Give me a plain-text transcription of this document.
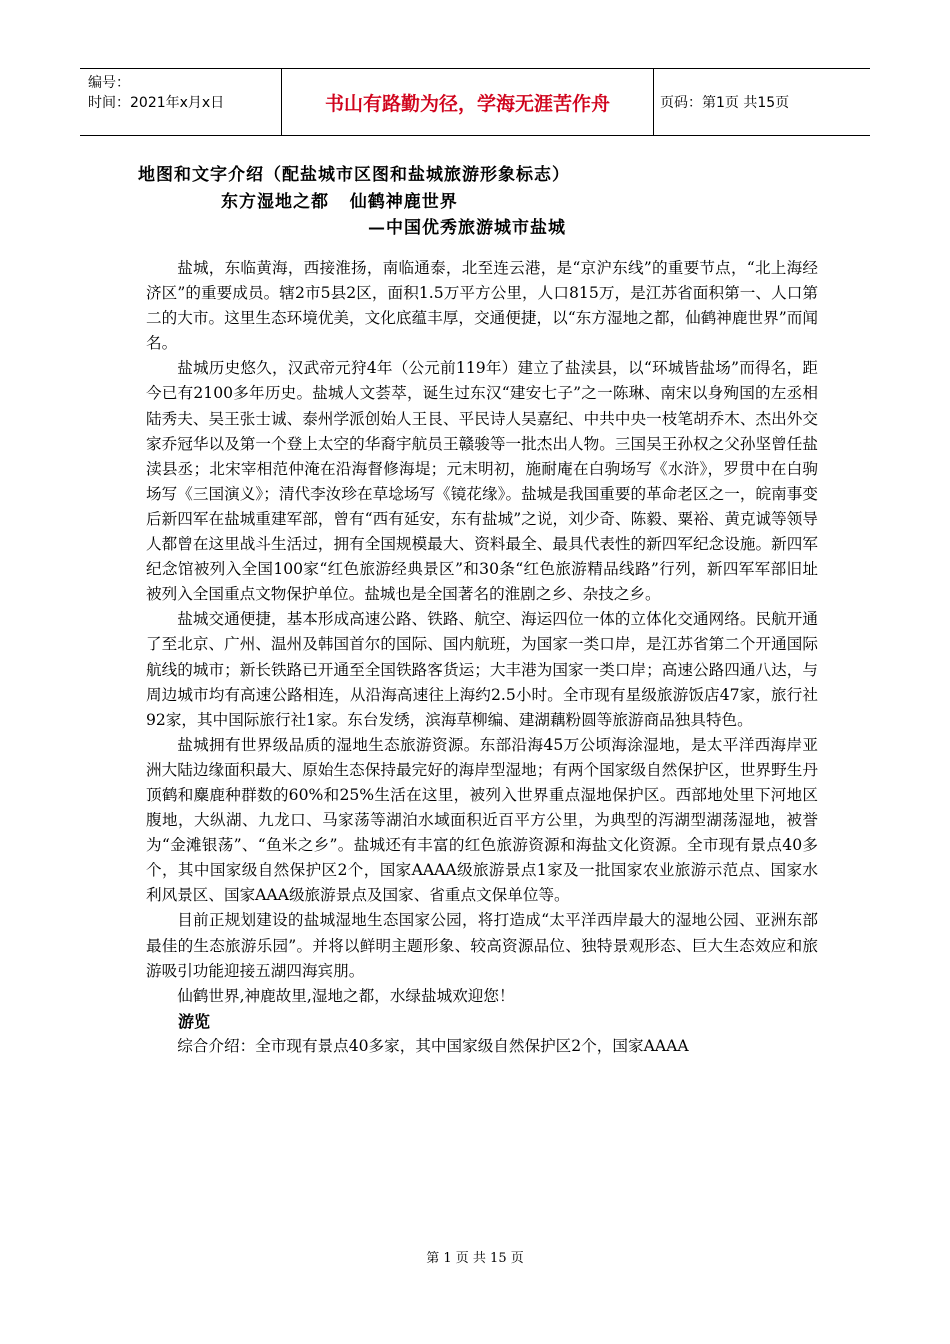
编号：
时间：2021年x月x日	书山有路勤为径，学海无涯苦作舟	页码：第1页 共15页
地图和文字介绍（配盐城市区图和盐城旅游形象标志）
东方湿地之都   仙鹤神鹿世界
—中国优秀旅游城市盐城

盐城，东临黄海，西接淮扬，南临通泰，北至连云港，是“京沪东线”的重要节点，“北上海经济区”的重要成员。辖2市5县2区，面积1.5万平方公里，人口815万，是江苏省面积第一、人口第二的大市。这里生态环境优美，文化底蕴丰厚，交通便捷，以“东方湿地之都，仙鹤神鹿世界”而闻名。

盐城历史悠久，汉武帝元狩4年（公元前119年）建立了盐渎县，以“环城皆盐场”而得名，距今已有2100多年历史。盐城人文荟萃，诞生过东汉“建安七子”之一陈琳、南宋以身殉国的左丞相陆秀夫、吴王张士诚、泰州学派创始人王艮、平民诗人吴嘉纪、中共中央一枝笔胡乔木、杰出外交家乔冠华以及第一个登上太空的华裔宇航员王赣骏等一批杰出人物。三国吴王孙权之父孙坚曾任盐渎县丞；北宋宰相范仲淹在沿海督修海堤；元末明初，施耐庵在白驹场写《水浒》，罗贯中在白驹场写《三国演义》；清代李汝珍在草埝场写《镜花缘》。盐城是我国重要的革命老区之一，皖南事变后新四军在盐城重建军部，曾有“西有延安，东有盐城”之说，刘少奇、陈毅、粟裕、黄克诚等领导人都曾在这里战斗生活过，拥有全国规模最大、资料最全、最具代表性的新四军纪念设施。新四军纪念馆被列入全国100家“红色旅游经典景区”和30条“红色旅游精品线路”行列，新四军军部旧址被列入全国重点文物保护单位。盐城也是全国著名的淮剧之乡、杂技之乡。

盐城交通便捷，基本形成高速公路、铁路、航空、海运四位一体的立体化交通网络。民航开通了至北京、广州、温州及韩国首尔的国际、国内航班，为国家一类口岸，是江苏省第二个开通国际航线的城市；新长铁路已开通至全国铁路客货运；大丰港为国家一类口岸；高速公路四通八达，与周边城市均有高速公路相连，从沿海高速往上海约2.5小时。全市现有星级旅游饭店47家，旅行社92家，其中国际旅行社1家。东台发绣，滨海草柳编、建湖藕粉圆等旅游商品独具特色。

盐城拥有世界级品质的湿地生态旅游资源。东部沿海45万公顷海涂湿地，是太平洋西海岸亚洲大陆边缘面积最大、原始生态保持最完好的海岸型湿地；有两个国家级自然保护区，世界野生丹顶鹤和麋鹿种群数的60%和25%生活在这里，被列入世界重点湿地保护区。西部地处里下河地区腹地，大纵湖、九龙口、马家荡等湖泊水域面积近百平方公里，为典型的泻湖型湖荡湿地，被誉为“金滩银荡”、“鱼米之乡”。盐城还有丰富的红色旅游资源和海盐文化资源。全市现有景点40多个，其中国家级自然保护区2个，国家AAAA级旅游景点1家及一批国家农业旅游示范点、国家水利风景区、国家AAA级旅游景点及国家、省重点文保单位等。

目前正规划建设的盐城湿地生态国家公园，将打造成“太平洋西岸最大的湿地公园、亚洲东部最佳的生态旅游乐园”。并将以鲜明主题形象、较高资源品位、独特景观形态、巨大生态效应和旅游吸引功能迎接五湖四海宾朋。

仙鹤世界,神鹿故里,湿地之都，水绿盐城欢迎您！

游览

综合介绍：全市现有景点40多家，其中国家级自然保护区2个，国家AAAA

第 1 页 共 15 页
